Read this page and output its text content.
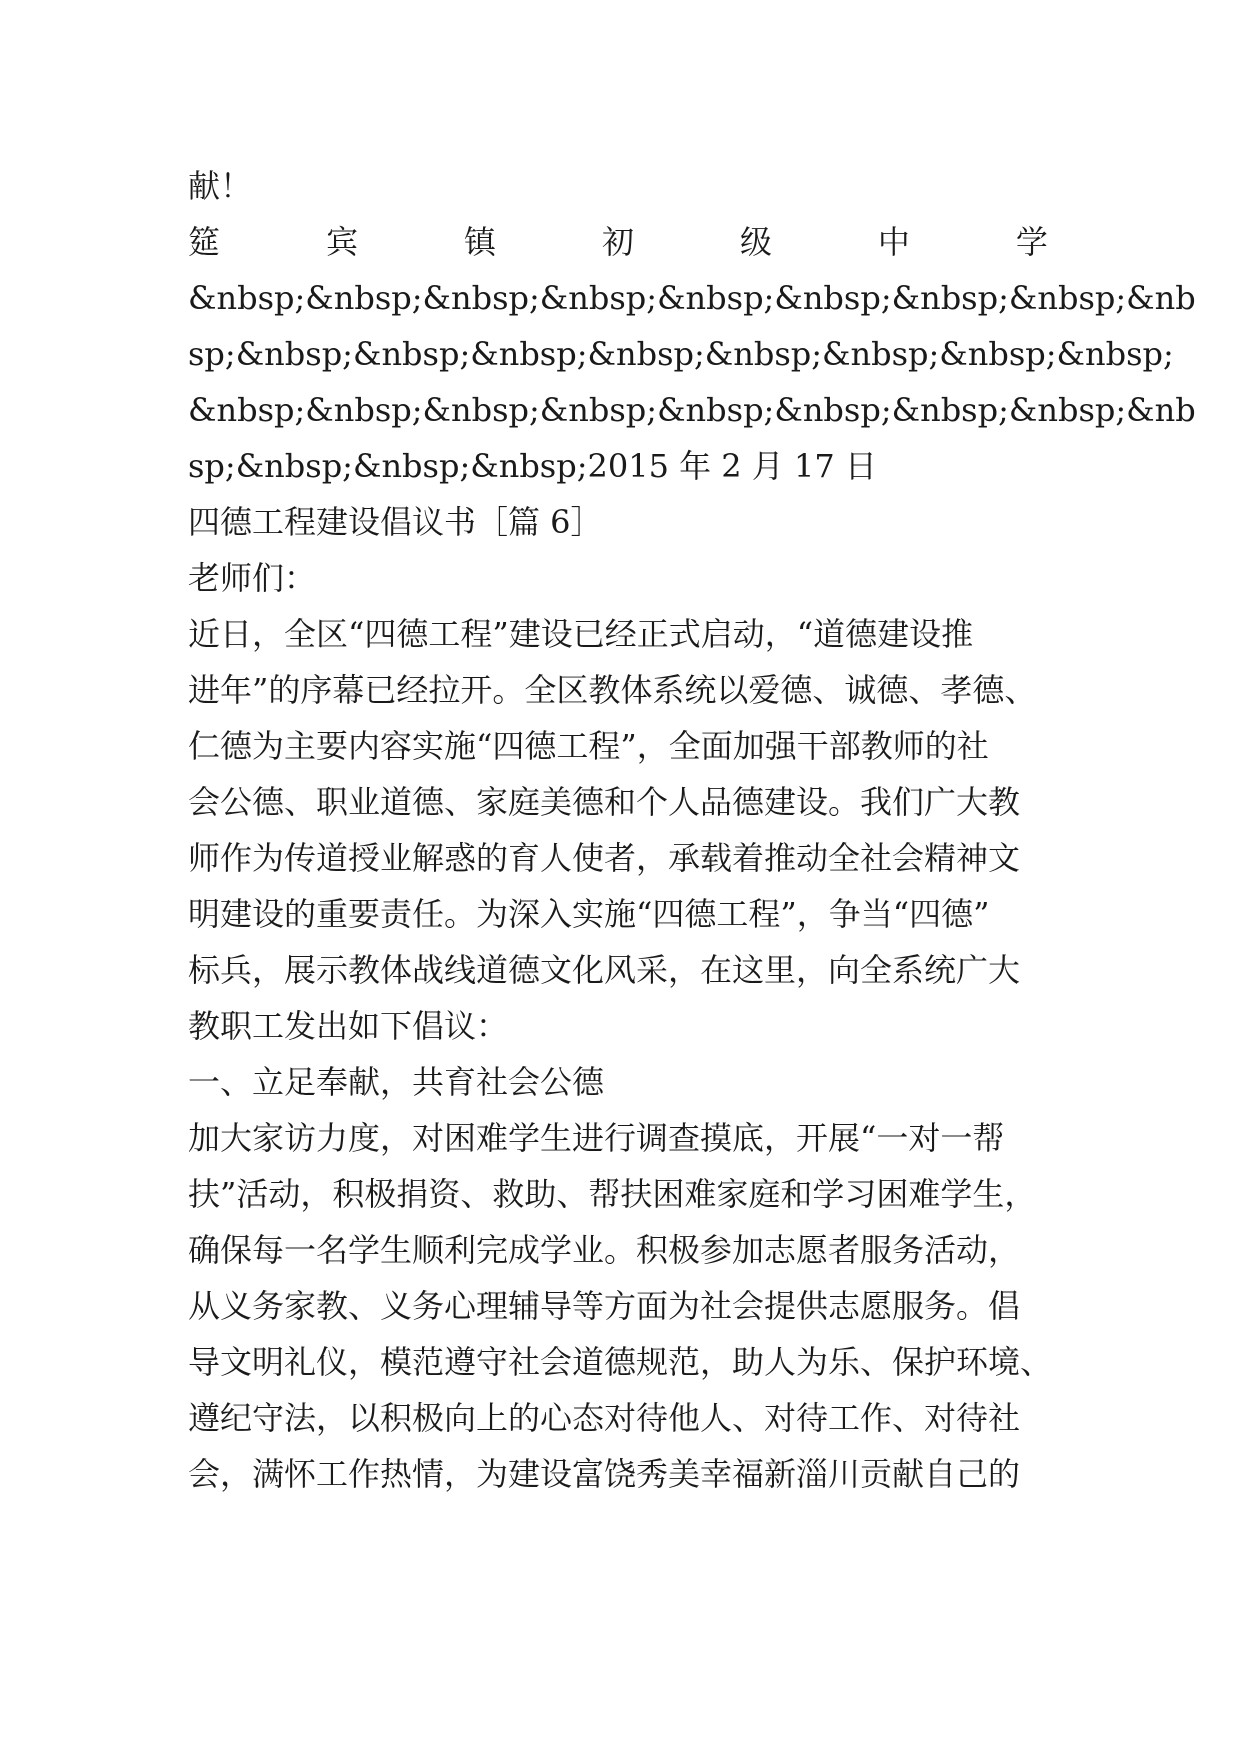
献！
筵	宾	镇	初	级	中	学
&nbsp;&nbsp;&nbsp;&nbsp;&nbsp;&nbsp;&nbsp;&nbsp;&nb
sp;&nbsp;&nbsp;&nbsp;&nbsp;&nbsp;&nbsp;&nbsp;&nbsp;
&nbsp;&nbsp;&nbsp;&nbsp;&nbsp;&nbsp;&nbsp;&nbsp;&nb
sp;&nbsp;&nbsp;&nbsp;2015 年 2 月 17 日
四德工程建设倡议书［篇 6］
老师们：
近日，全区“四德工程”建设已经正式启动，“道德建设推
进年”的序幕已经拉开。全区教体系统以爱德、诚德、孝德、
仁德为主要内容实施“四德工程”，全面加强干部教师的社
会公德、职业道德、家庭美德和个人品德建设。我们广大教
师作为传道授业解惑的育人使者，承载着推动全社会精神文
明建设的重要责任。为深入实施“四德工程”，争当“四德”
标兵，展示教体战线道德文化风采，在这里，向全系统广大
教职工发出如下倡议：
一、立足奉献，共育社会公德
加大家访力度，对困难学生进行调查摸底，开展“一对一帮
扶”活动，积极捐资、救助、帮扶困难家庭和学习困难学生，
确保每一名学生顺利完成学业。积极参加志愿者服务活动，
从义务家教、义务心理辅导等方面为社会提供志愿服务。倡
导文明礼仪，模范遵守社会道德规范，助人为乐、保护环境、
遵纪守法，以积极向上的心态对待他人、对待工作、对待社
会，满怀工作热情，为建设富饶秀美幸福新淄川贡献自己的
